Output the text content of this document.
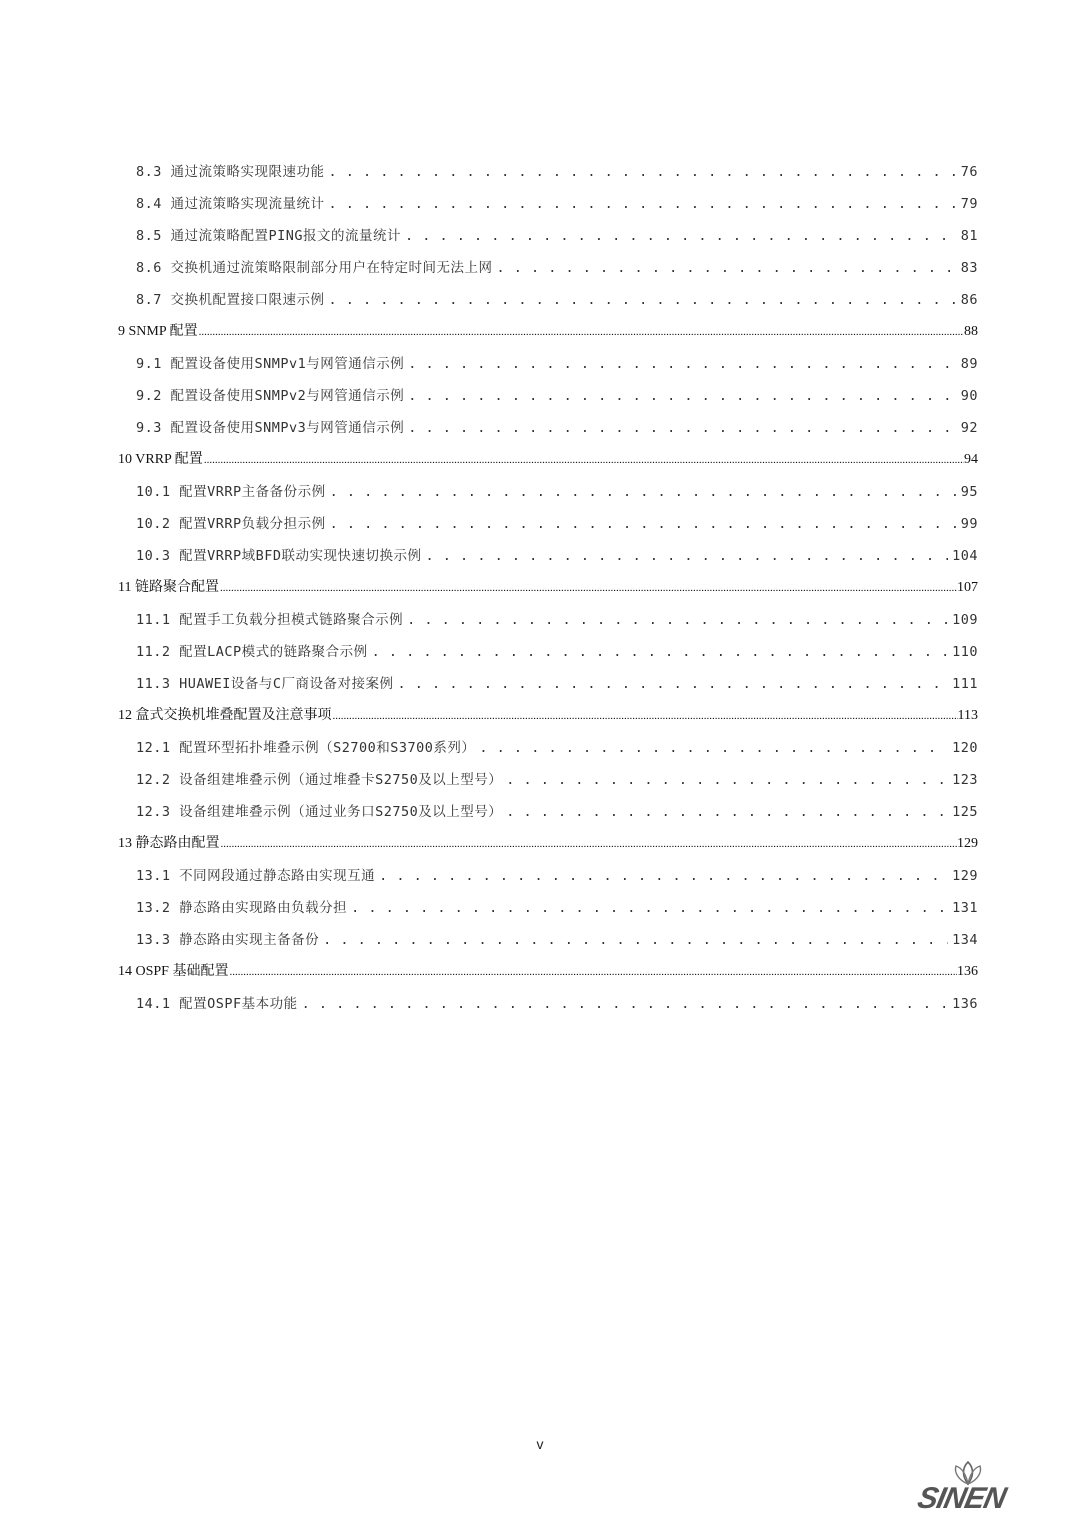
8.3 通过流策略实现限速功能 . . .	76
8.4 通过流策略实现流量统计 . . .	79
8.5 通过流策略配置PING报文的流量统计 . . .	81
8.6 交换机通过流策略限制部分用户在特定时间无法上网 . . .	83
8.7 交换机配置接口限速示例 . . .	86
9 SNMP 配置 .....	88
9.1 配置设备使用SNMPv1与网管通信示例 . . .	89
9.2 配置设备使用SNMPv2与网管通信示例 . . .	90
9.3 配置设备使用SNMPv3与网管通信示例 . . .	92
10 VRRP 配置 .....	94
10.1 配置VRRP主备备份示例 . . .	95
10.2 配置VRRP负载分担示例 . . .	99
10.3 配置VRRP域BFD联动实现快速切换示例 . . .	104
11 链路聚合配置 .....	107
11.1 配置手工负载分担模式链路聚合示例 . . .	109
11.2 配置LACP模式的链路聚合示例 . . .	110
11.3 HUAWEI设备与C厂商设备对接案例 . . .	111
12 盒式交换机堆叠配置及注意事项 .....	113
12.1 配置环型拓扑堆叠示例（S2700和S3700系列） . . .	120
12.2 设备组建堆叠示例（通过堆叠卡S2750及以上型号） . . .	123
12.3 设备组建堆叠示例（通过业务口S2750及以上型号） . . .	125
13 静态路由配置 .....	129
13.1 不同网段通过静态路由实现互通 . . .	129
13.2 静态路由实现路由负载分担 . . .	131
13.3 静态路由实现主备备份 . . .	134
14 OSPF 基础配置 .....	136
14.1 配置OSPF基本功能 . . .	136
v
SINEN
